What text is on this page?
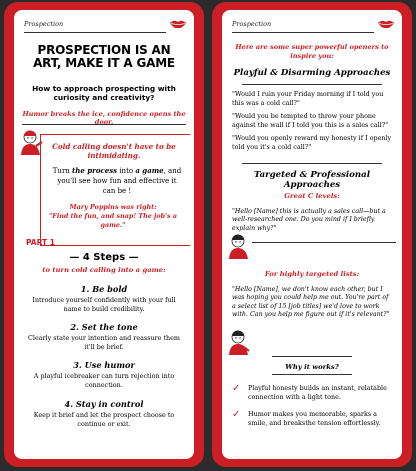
Prospection
PROSPECTION IS AN ART, MAKE IT A GAME
How to approach prospecting with curiosity and creativity?
Humor breaks the ice, confidence opens the door.
Cold calling doesn't have to be intimidating.
Turn the process into a game, and you'll see how fun and effective it can be !
Mary Poppins was right:
"Find the fun, and snap! The job's a game."
PART 1
— 4 Steps —
to turn cold calling into a game:
1. Be bold
Introduce yourself confidently with your full name to build credibility.
2. Set the tone
Clearly state your intention and reassure them it'll be brief.
3. Use humor
A playful icebreaker can turn rejection into connection.
4. Stay in control
Keep it brief and let the prospect choose to continue or exit.
Prospection
Here are some super powerful openers to inspire you:
Playful & Disarming Approaches
"Would I ruin your Friday morning if I told you this was a cold call?"
"Would you be tempted to throw your phone against the wall if I told you this is a sales call?"
"Would you openly reward my honesty if I openly told you it's a cold call?"
Targeted & Professional Approaches
Great C levels:
"Hello [Name] this is actually a sales call—but a well-researched one. Do you mind if I briefly explain why?"
For highly targeted lists:
"Hello [Name], we don't know each other, but I was hoping you could help me out. You're part of a select list of 15 [job titles] we'd love to work with. Can you help me figure out if it's relevant?"
Why it works?
✓ Playful honesty builds an instant, relatable connection with a light tone.
✓ Humor makes you memorable, sparks a smile, and breaksthe tension effortlessly.
